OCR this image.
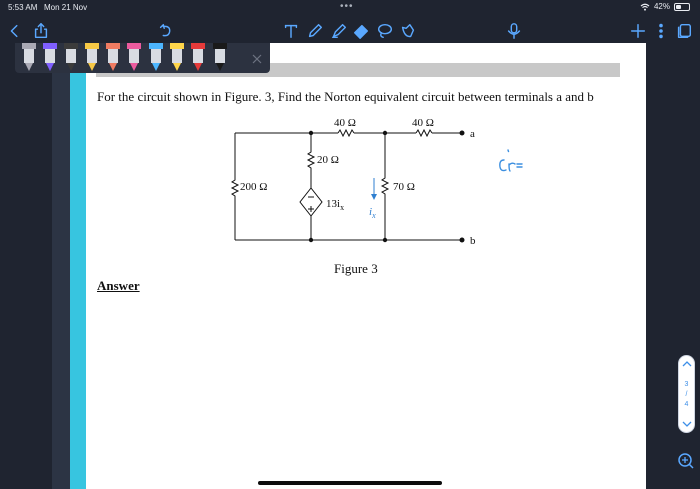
5:53 AM Mon 21 Nov	•••	42%
For the circuit shown in Figure. 3, Find the Norton equivalent circuit between terminals a and b
40 Ω	40 Ω
20 Ω
200 Ω	70 Ω
$13i_x$ $i_x$
a
b
Figure 3
Answer
Cr=
3
/
4
